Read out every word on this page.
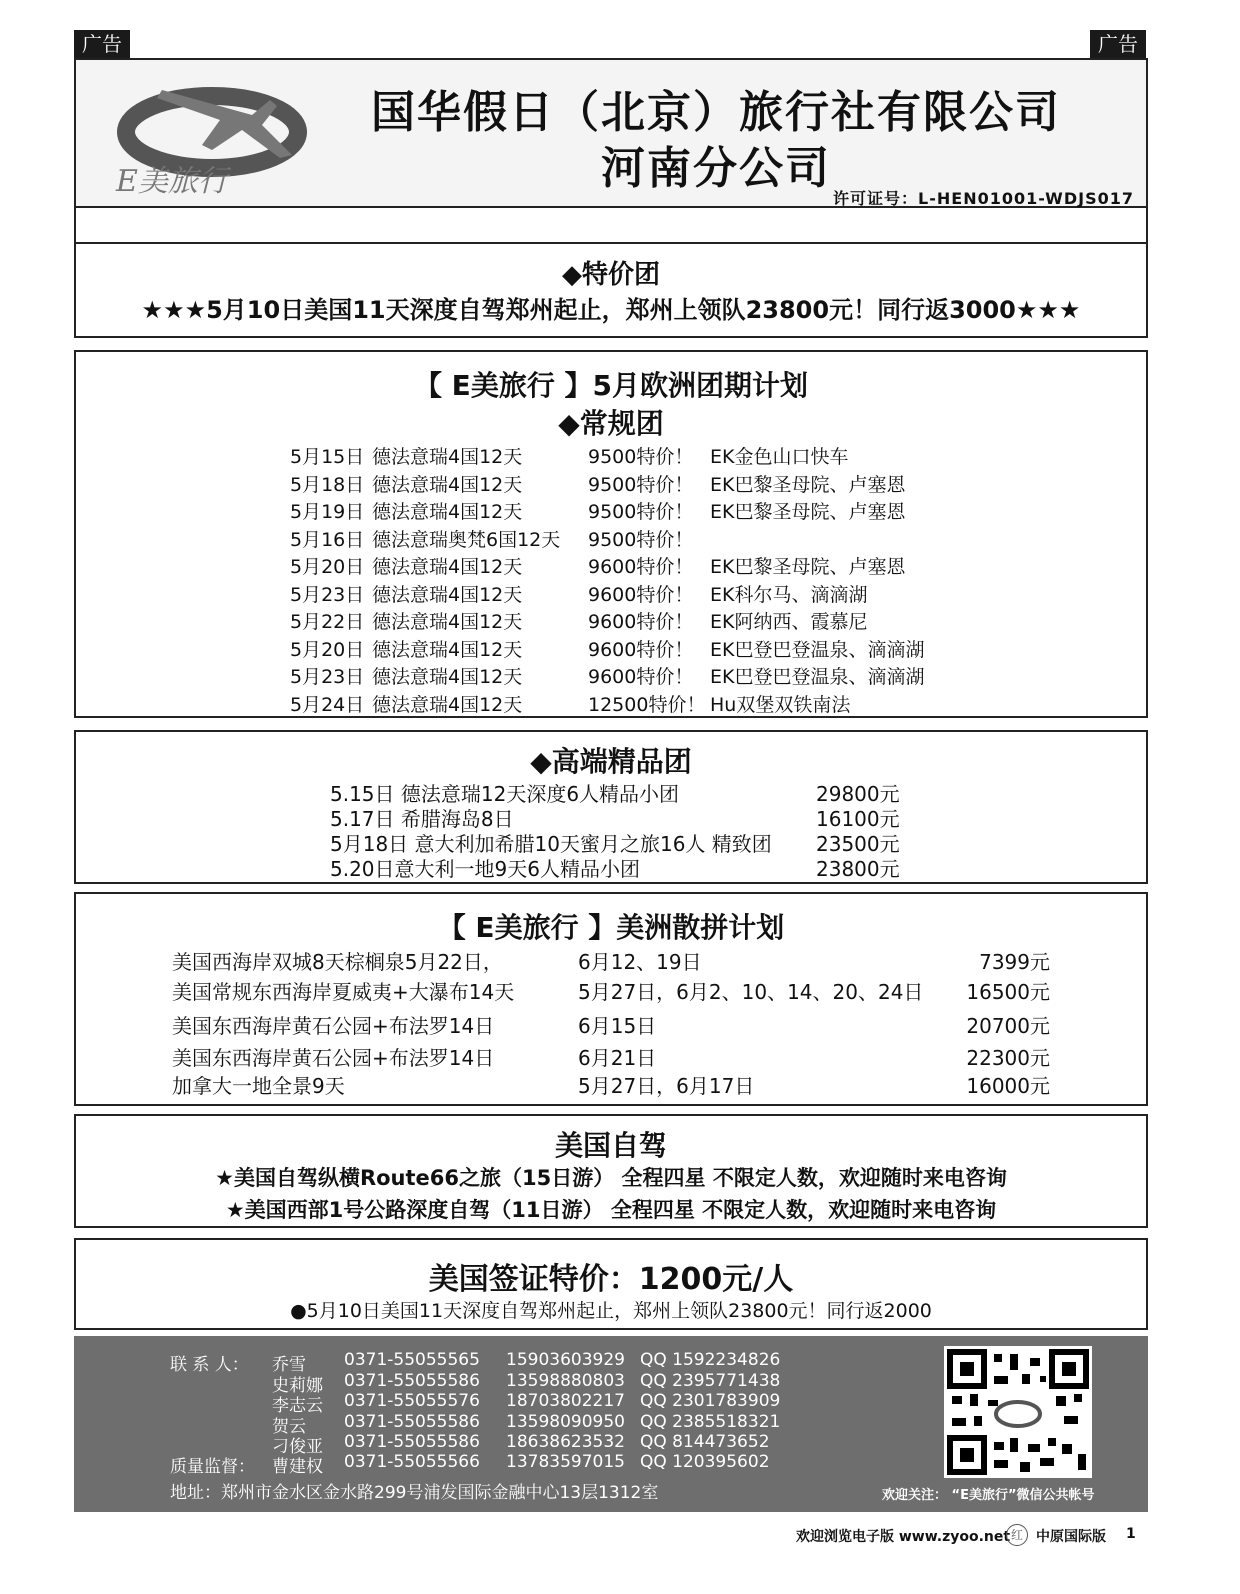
广告	广告
E美旅行
国华假日（北京）旅行社有限公司
河南分公司
许可证号：L-HEN01001-WDJS017
◆特价团
★★★5月10日美国11天深度自驾郑州起止，郑州上领队23800元！同行返3000★★★
【 E美旅行 】5月欧洲团期计划
◆常规团
5月15日 德法意瑞4国12天	9500特价！ EK金色山口快车
5月18日 德法意瑞4国12天	9500特价！ EK巴黎圣母院、卢塞恩
5月19日 德法意瑞4国12天	9500特价！ EK巴黎圣母院、卢塞恩
5月16日 德法意瑞奥梵6国12天 9500特价！
5月20日 德法意瑞4国12天	9600特价！ EK巴黎圣母院、卢塞恩
5月23日 德法意瑞4国12天	9600特价！ EK科尔马、滴滴湖
5月22日 德法意瑞4国12天	9600特价！ EK阿纳西、霞慕尼
5月20日 德法意瑞4国12天	9600特价！ EK巴登巴登温泉、滴滴湖
5月23日 德法意瑞4国12天	9600特价！ EK巴登巴登温泉、滴滴湖
5月24日 德法意瑞4国12天	12500特价！ Hu双堡双铁南法
◆高端精品团
5.15日 德法意瑞12天深度6人精品小团	29800元
5.17日 希腊海岛8日	16100元
5月18日 意大利加希腊10天蜜月之旅16人 精致团 23500元
5.20日意大利一地9天6人精品小团	23800元
【 E美旅行 】美洲散拼计划
美国西海岸双城8天棕榈泉5月22日，	6月12、19日	7399元
美国常规东西海岸夏威夷+大瀑布14天	5月27日，6月2、10、14、20、24日 16500元
美国东西海岸黄石公园+布法罗14日	6月15日	20700元
美国东西海岸黄石公园+布法罗14日	6月21日	22300元
加拿大一地全景9天	5月27日，6月17日	16000元
美国自驾
★美国自驾纵横Route66之旅（15日游） 全程四星 不限定人数，欢迎随时来电咨询
★美国西部1号公路深度自驾（11日游） 全程四星 不限定人数，欢迎随时来电咨询
美国签证特价：1200元/人
●5月10日美国11天深度自驾郑州起止，郑州上领队23800元！同行返2000
联 系 人： 乔雪 0371-55055565 15903603929 QQ 1592234826
史莉娜 0371-55055586 13598880803 QQ 2395771438
李志云 0371-55055576 18703802217 QQ 2301783909
贺云 0371-55055586 13598090950 QQ 2385518321
刁俊亚 0371-55055586 18638623532 QQ 814473652
质量监督： 曹建权 0371-55055566 13783597015 QQ 120395602
地址：郑州市金水区金水路299号浦发国际金融中心13层1312室	欢迎关注： “E美旅行”微信公共帐号
欢迎浏览电子版 www.zyoo.net 红 中原国际版 1
